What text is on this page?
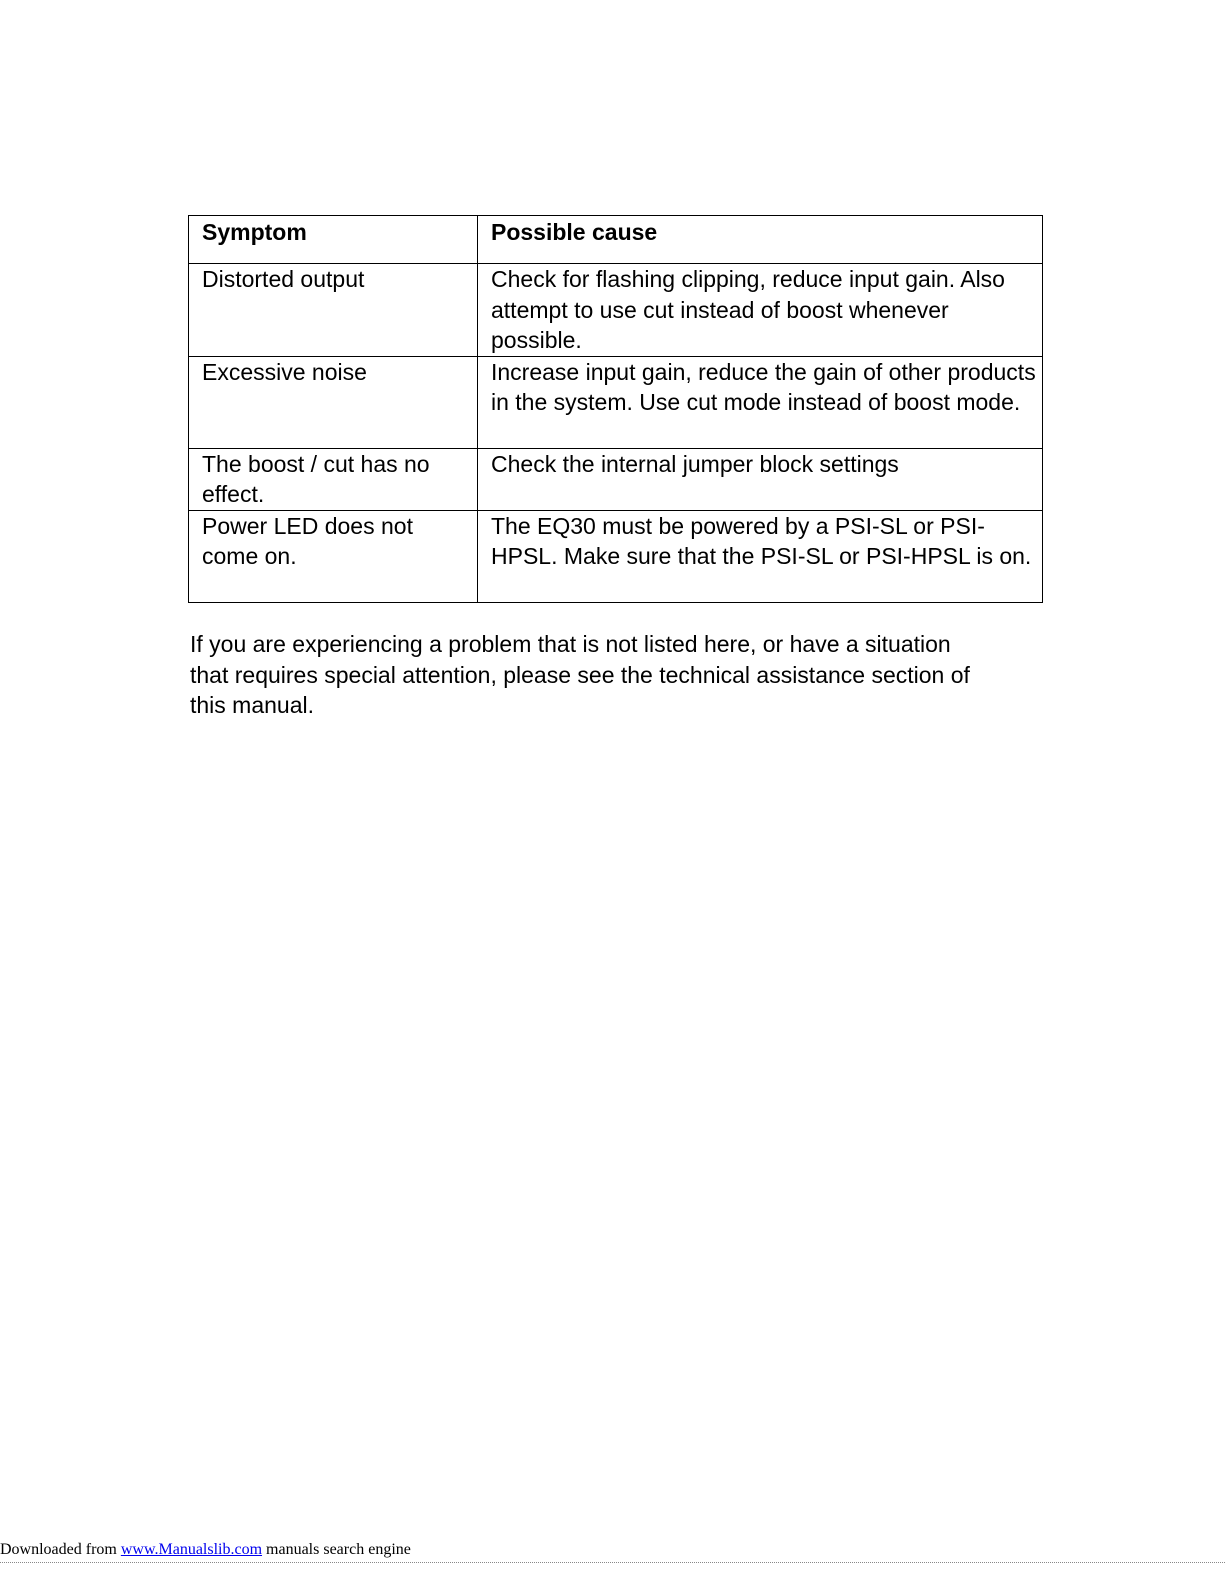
Symptom	Possible cause
Distorted output	Check for flashing clipping, reduce input gain. Also attempt to use cut instead of boost whenever possible.
Excessive noise	Increase input gain, reduce the gain of other products in the system. Use cut mode instead of boost mode.
The boost / cut has no effect.	Check the internal jumper block settings
Power LED does not come on.	The EQ30 must be powered by a PSI-SL or PSI-HPSL. Make sure that the PSI-SL or PSI-HPSL is on.

If you are experiencing a problem that is not listed here, or have a situation that requires special attention, please see the technical assistance section of this manual.

Downloaded from www.Manualslib.com manuals search engine
